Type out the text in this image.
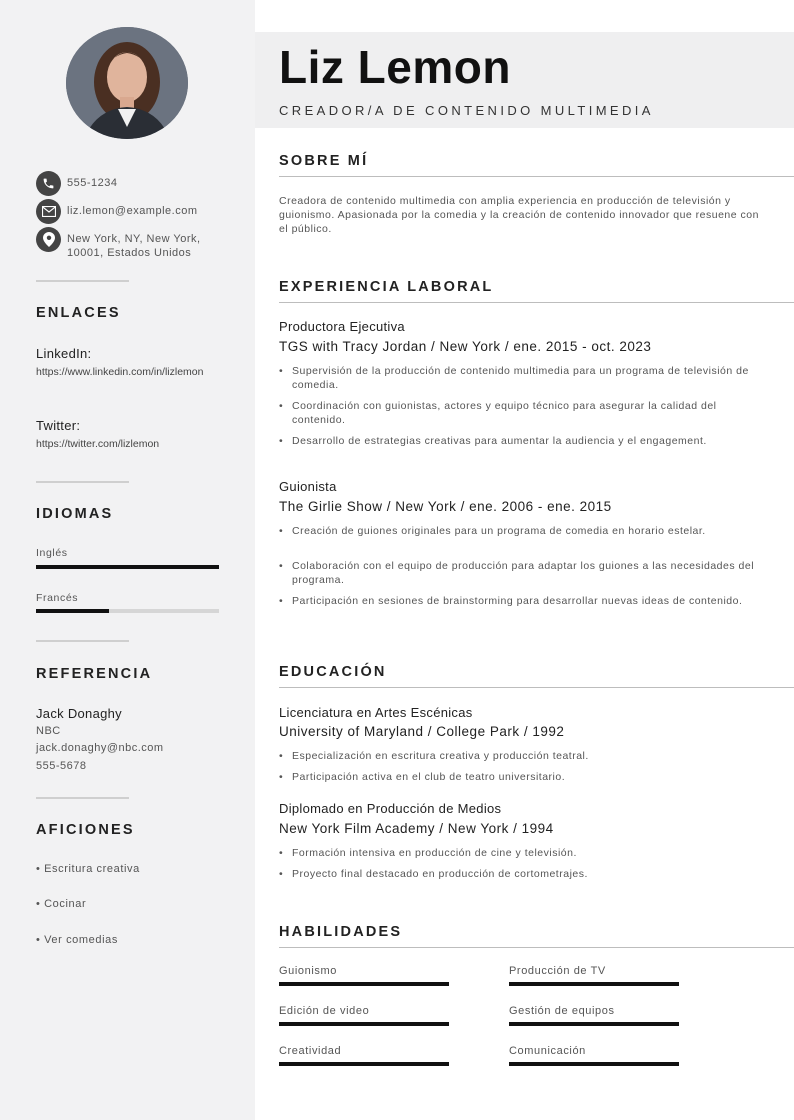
555-1234
liz.lemon@example.com
New York, NY, New York,
10001, Estados Unidos
ENLACES
LinkedIn:
https://www.linkedin.com/in/lizlemon
Twitter:
https://twitter.com/lizlemon
IDIOMAS
Inglés
Francés
REFERENCIA
Jack Donaghy
NBC
jack.donaghy@nbc.com
555-5678
AFICIONES
• Escritura creativa
• Cocinar
• Ver comedias
Liz Lemon
CREADOR/A DE CONTENIDO MULTIMEDIA
SOBRE MÍ
Creadora de contenido multimedia con amplia experiencia en producción de televisión y guionismo. Apasionada por la comedia y la creación de contenido innovador que resuene con el público.
EXPERIENCIA LABORAL
Productora Ejecutiva
TGS with Tracy Jordan / New York / ene. 2015 - oct. 2023
• Supervisión de la producción de contenido multimedia para un programa de televisión de comedia.
• Coordinación con guionistas, actores y equipo técnico para asegurar la calidad del contenido.
• Desarrollo de estrategias creativas para aumentar la audiencia y el engagement.
Guionista
The Girlie Show / New York / ene. 2006 - ene. 2015
• Creación de guiones originales para un programa de comedia en horario estelar.
• Colaboración con el equipo de producción para adaptar los guiones a las necesidades del programa.
• Participación en sesiones de brainstorming para desarrollar nuevas ideas de contenido.
EDUCACIÓN
Licenciatura en Artes Escénicas
University of Maryland / College Park / 1992
• Especialización en escritura creativa y producción teatral.
• Participación activa en el club de teatro universitario.
Diplomado en Producción de Medios
New York Film Academy / New York / 1994
• Formación intensiva en producción de cine y televisión.
• Proyecto final destacado en producción de cortometrajes.
HABILIDADES
Guionismo	Producción de TV
Edición de video	Gestión de equipos
Creatividad	Comunicación
